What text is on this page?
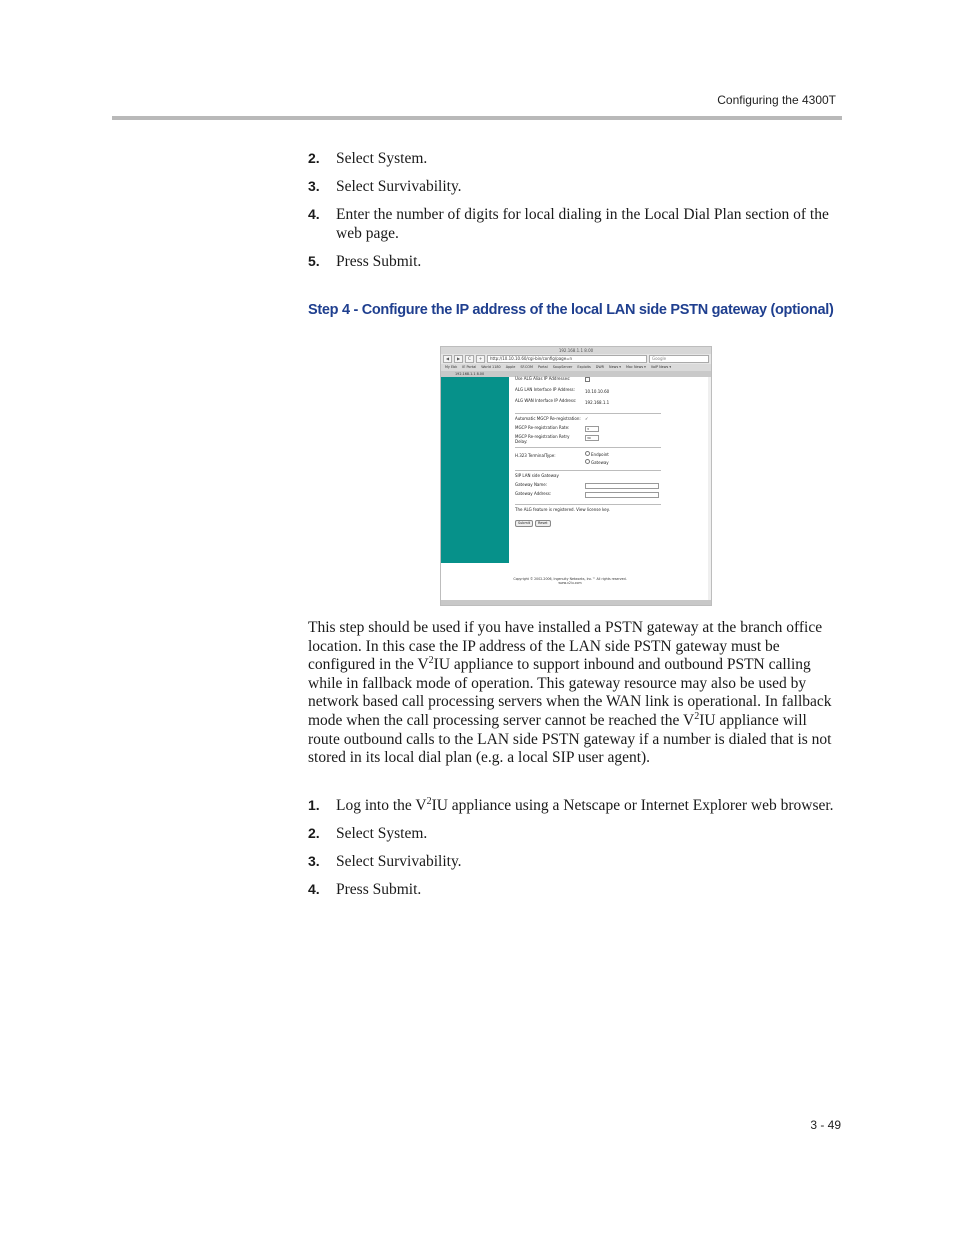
Configuring the 4300T
2. Select System.
3. Select Survivability.
4. Enter the number of digits for local dialing in the Local Dial Plan section of the web page.
5. Press Submit.
Step 4 - Configure the IP address of the local LAN side PSTN gateway (optional)
192.168.1.1 8.00
◀	▶	C	+	http://10.10.10.60/cgi-bin/config/page=n	Google
My Ebk IE Portal World 1180 Apple SF.COM Portal SoupServer Exploits DWR News ▾ Mac News ▾ VoIP News ▾
192.168.1.1 8.00
Use ALG Alias IP Addresses:
ALG LAN Interface IP Address:	10.10.10.60
ALG WAN Interface IP Address:	192.168.1.1
Automatic MGCP Re-registration:	✓
MGCP Re-registration Rate:	3
MGCP Re-registration Retry Delay:
30
H.323 TerminalType:	Endpoint
Gateway
SIP LAN side Gateway
Gateway Name:
Gateway Address:
The ALG feature is registered. View license key.
Submit Reset
Copyright © 2002-2006, Ingenuity Networks, Inc.™ All rights reserved. www.v2iu.com

This step should be used if you have installed a PSTN gateway at the branch office location. In this case the IP address of the LAN side PSTN gateway must be configured in the $V^2IU$ appliance to support inbound and outbound PSTN calling while in fallback mode of operation. This gateway resource may also be used by network based call processing servers when the WAN link is operational. In fallback mode when the call processing server cannot be reached the $V^2IU$ appliance will route outbound calls to the LAN side PSTN gateway if a number is dialed that is not stored in its local dial plan (e.g. a local SIP user agent).

1. Log into the $V^2IU$ appliance using a Netscape or Internet Explorer web browser.
2. Select System.
3. Select Survivability.
4. Press Submit.
3 - 49
